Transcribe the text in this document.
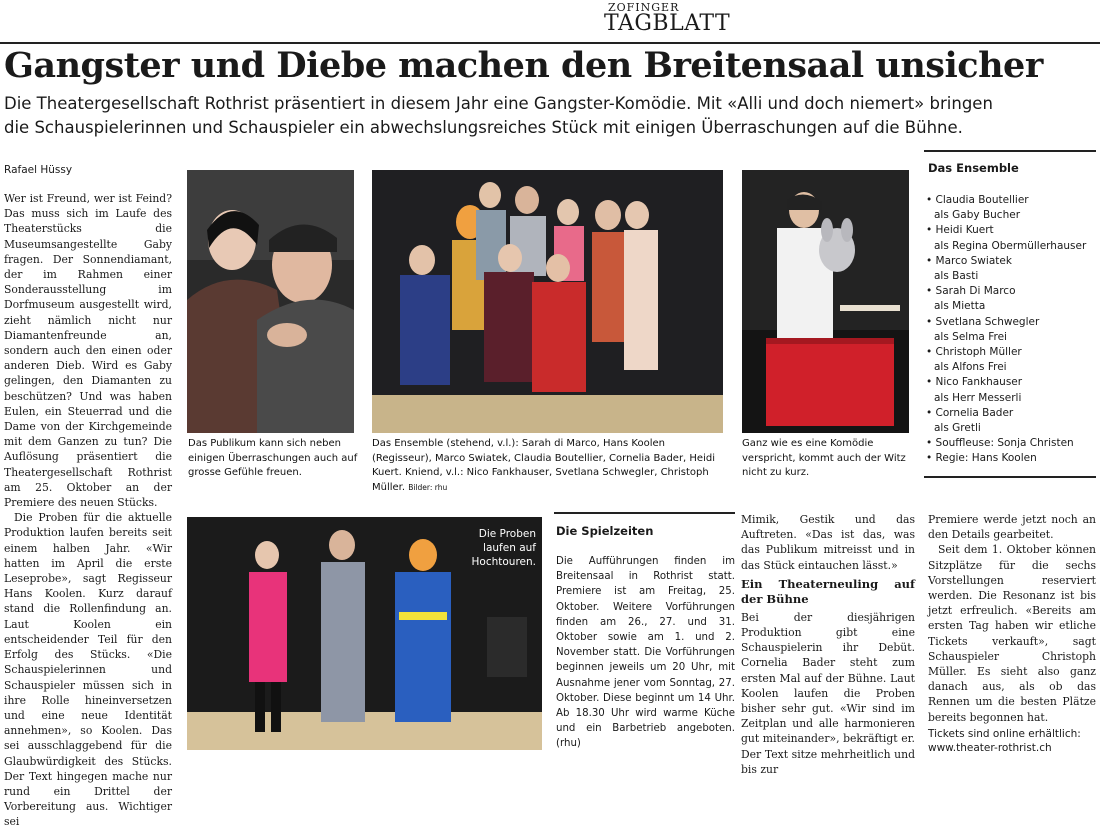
ZOFINGER
TAGBLATT
Gangster und Diebe machen den Breitensaal unsicher

Die Theatergesellschaft Rothrist präsentiert in diesem Jahr eine Gangster-Komödie. Mit «Alli und doch niemert» bringen die Schauspielerinnen und Schauspieler ein abwechslungsreiches Stück mit einigen Überraschungen auf die Bühne.

Rafael Hüssy

Wer ist Freund, wer ist Feind? Das muss sich im Laufe des Theaterstücks die Museumsangestellte Gaby fragen. Der Sonnendiamant, der im Rahmen einer Sonderausstellung im Dorfmuseum ausgestellt wird, zieht nämlich nicht nur Diamantenfreunde an, sondern auch den einen oder anderen Dieb. Wird es Gaby gelingen, den Diamanten zu beschützen? Und was haben Eulen, ein Steuerrad und die Dame von der Kirchgemeinde mit dem Ganzen zu tun? Die Auflösung präsentiert die Theatergesellschaft Rothrist am 25. Oktober an der Premiere des neuen Stücks.

Die Proben für die aktuelle Produktion laufen bereits seit einem halben Jahr. «Wir hatten im April die erste Leseprobe», sagt Regisseur Hans Koolen. Kurz darauf stand die Rollenfindung an. Laut Koolen ein entscheidender Teil für den Erfolg des Stücks. «Die Schauspielerinnen und Schauspieler müssen sich in ihre Rolle hineinversetzen und eine neue Identität annehmen», so Koolen. Das sei ausschlaggebend für die Glaubwürdigkeit des Stücks. Der Text hingegen mache nur rund ein Drittel der Vorbereitung aus. Wichtiger sei

Das Publikum kann sich neben einigen Überraschungen auch auf grosse Gefühle freuen.
Das Ensemble (stehend, v.l.): Sarah di Marco, Hans Koolen (Regisseur), Marco Swiatek, Claudia Boutellier, Cornelia Bader, Heidi Kuert. Kniend, v.l.: Nico Fankhauser, Svetlana Schwegler, Christoph Müller. Bilder: rhu
Ganz wie es eine Komödie verspricht, kommt auch der Witz nicht zu kurz.
Die Proben laufen auf Hochtouren.
Das Ensemble
• Claudia Boutellier
als Gaby Bucher
• Heidi Kuert
als Regina Obermüllerhauser
• Marco Swiatek
als Basti
• Sarah Di Marco
als Mietta
• Svetlana Schwegler
als Selma Frei
• Christoph Müller
als Alfons Frei
• Nico Fankhauser
als Herr Messerli
• Cornelia Bader
als Gretli
• Souffleuse: Sonja Christen
• Regie: Hans Koolen
Die Spielzeiten

Die Aufführungen finden im Breitensaal in Rothrist statt. Premiere ist am Freitag, 25. Oktober. Weitere Vorführungen finden am 26., 27. und 31. Oktober sowie am 1. und 2. November statt. Die Vorführungen beginnen jeweils um 20 Uhr, mit Ausnahme jener vom Sonntag, 27. Oktober. Diese beginnt um 14 Uhr. Ab 18.30 Uhr wird warme Küche und ein Barbetrieb angeboten. (rhu)

Mimik, Gestik und das Auftreten. «Das ist das, was das Publikum mitreisst und in das Stück eintauchen lässt.»

Ein Theaterneuling auf der Bühne

Bei der diesjährigen Produktion gibt eine Schauspielerin ihr Debüt. Cornelia Bader steht zum ersten Mal auf der Bühne. Laut Koolen laufen die Proben bisher sehr gut. «Wir sind im Zeitplan und alle harmonieren gut miteinander», bekräftigt er. Der Text sitze mehrheitlich und bis zur

Premiere werde jetzt noch an den Details gearbeitet.

Seit dem 1. Oktober können Sitzplätze für die sechs Vorstellungen reserviert werden. Die Resonanz ist bis jetzt erfreulich. «Bereits am ersten Tag haben wir etliche Tickets verkauft», sagt Schauspieler Christoph Müller. Es sieht also ganz danach aus, als ob das Rennen um die besten Plätze bereits begonnen hat.

Tickets sind online erhältlich:
www.theater-rothrist.ch
